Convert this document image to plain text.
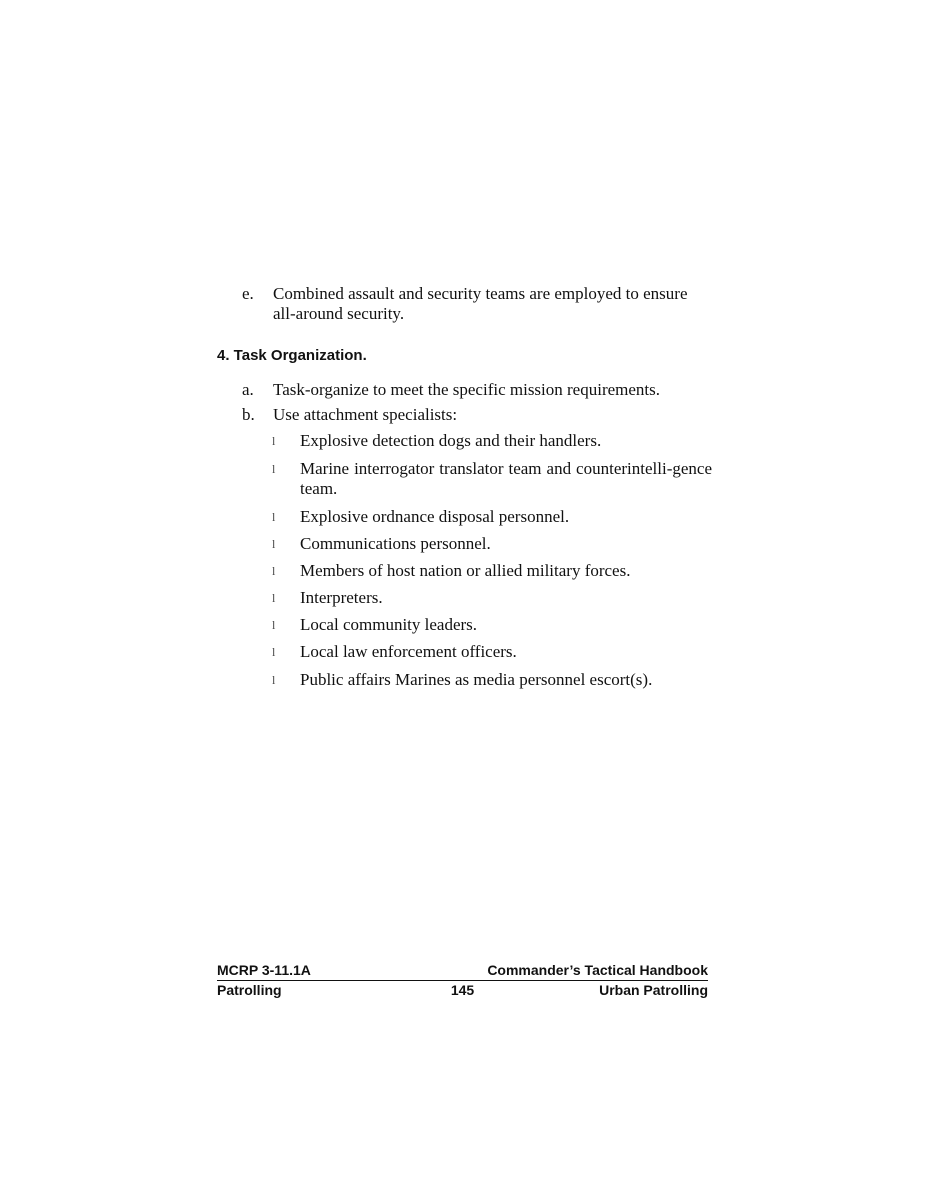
e.	Combined assault and security teams are employed to ensure all-around security.
4. Task Organization.
a.	Task-organize to meet the specific mission requirements.
b.	Use attachment specialists:
l	Explosive detection dogs and their handlers.
l	Marine interrogator translator team and counterintelli-gence team.
l	Explosive ordnance disposal personnel.
l	Communications personnel.
l	Members of host nation or allied military forces.
l	Interpreters.
l	Local community leaders.
l	Local law enforcement officers.
l	Public affairs Marines as media personnel escort(s).
MCRP 3-11.1A	Commander’s Tactical Handbook
Patrolling	145	Urban Patrolling
